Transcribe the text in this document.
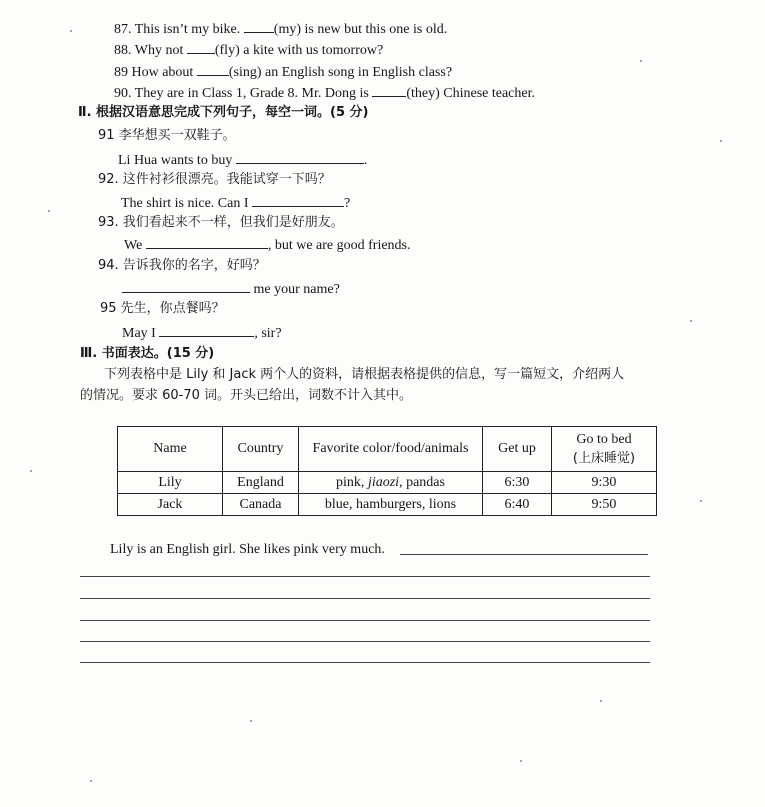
87. This isn’t my bike. (my) is new but this one is old.
88. Why not (fly) a kite with us tomorrow?
89 How about (sing) an English song in English class?
90. They are in Class 1, Grade 8. Mr. Dong is (they) Chinese teacher.
Ⅱ. 根据汉语意思完成下列句子，每空一词。(5 分)
91 李华想买一双鞋子。
Li Hua wants to buy	.
92. 这件衬衫很漂亮。我能试穿一下吗？
The shirt is nice. Can I	?
93. 我们看起来不一样，但我们是好朋友。
We	, but we are good friends.
94. 告诉我你的名字，好吗？
me your name?
95 先生，你点餐吗？
May I	, sir?
Ⅲ. 书面表达。(15 分)
下列表格中是 Lily 和 Jack 两个人的资料，请根据表格提供的信息，写一篇短文，介绍两人
的情况。要求 60-70 词。开头已给出，词数不计入其中。
Name	Country	Favorite color/food/animals	Get up	Go to bed
(上床睡觉)

Lily	England	pink, jiaozi, pandas	6:30	9:30
Jack	Canada	blue, hamburgers, lions	6:40	9:50
Lily is an English girl. She likes pink very much.
